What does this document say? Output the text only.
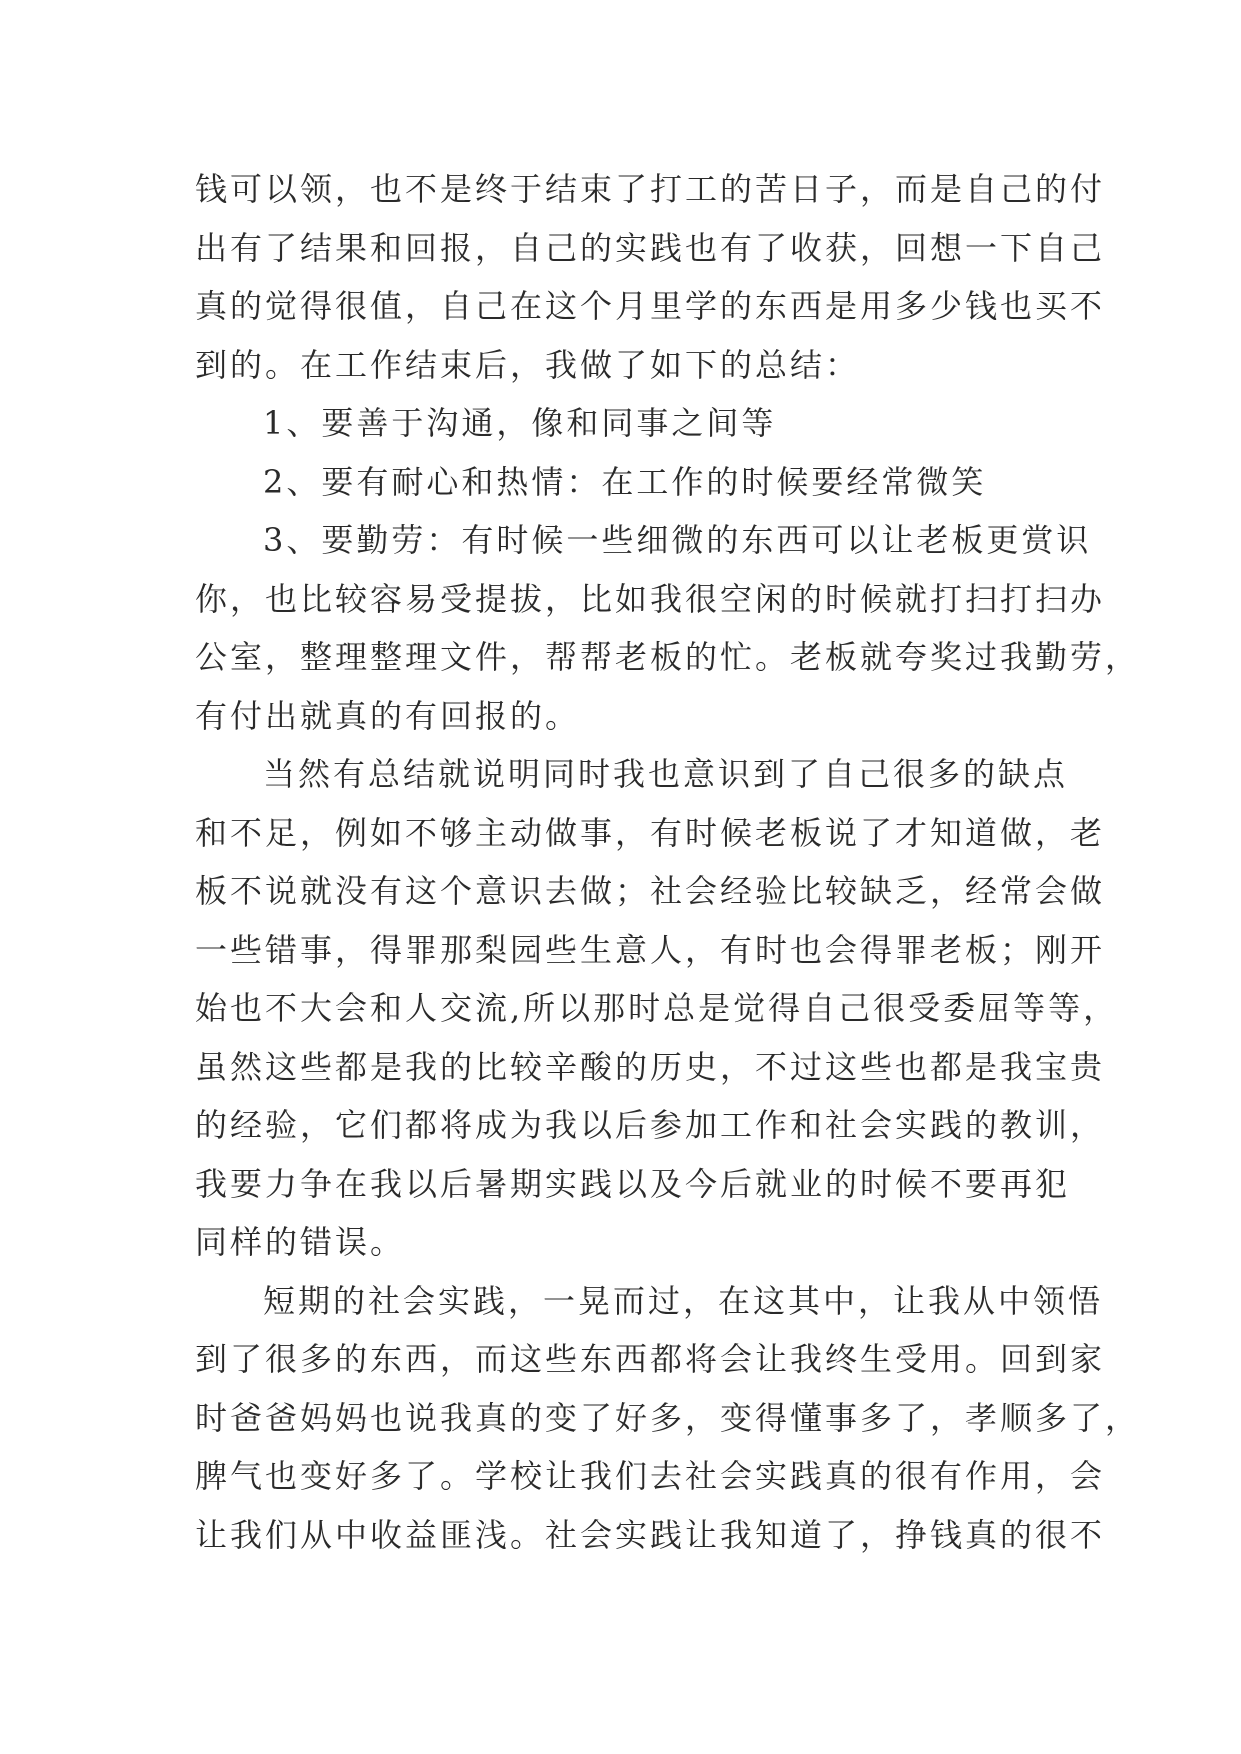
钱可以领，也不是终于结束了打工的苦日子，而是自己的付
出有了结果和回报，自己的实践也有了收获，回想一下自己
真的觉得很值，自己在这个月里学的东西是用多少钱也买不
到的。在工作结束后，我做了如下的总结：
1、要善于沟通，像和同事之间等
2、要有耐心和热情：在工作的时候要经常微笑
3、要勤劳：有时候一些细微的东西可以让老板更赏识
你，也比较容易受提拔，比如我很空闲的时候就打扫打扫办
公室，整理整理文件，帮帮老板的忙。老板就夸奖过我勤劳，
有付出就真的有回报的。
当然有总结就说明同时我也意识到了自己很多的缺点
和不足，例如不够主动做事，有时候老板说了才知道做，老
板不说就没有这个意识去做；社会经验比较缺乏，经常会做
一些错事，得罪那梨园些生意人，有时也会得罪老板；刚开
始也不大会和人交流,所以那时总是觉得自己很受委屈等等，
虽然这些都是我的比较辛酸的历史，不过这些也都是我宝贵
的经验，它们都将成为我以后参加工作和社会实践的教训，
我要力争在我以后暑期实践以及今后就业的时候不要再犯
同样的错误。
短期的社会实践，一晃而过，在这其中，让我从中领悟
到了很多的东西，而这些东西都将会让我终生受用。回到家
时爸爸妈妈也说我真的变了好多，变得懂事多了，孝顺多了，
脾气也变好多了。学校让我们去社会实践真的很有作用，会
让我们从中收益匪浅。社会实践让我知道了，挣钱真的很不
